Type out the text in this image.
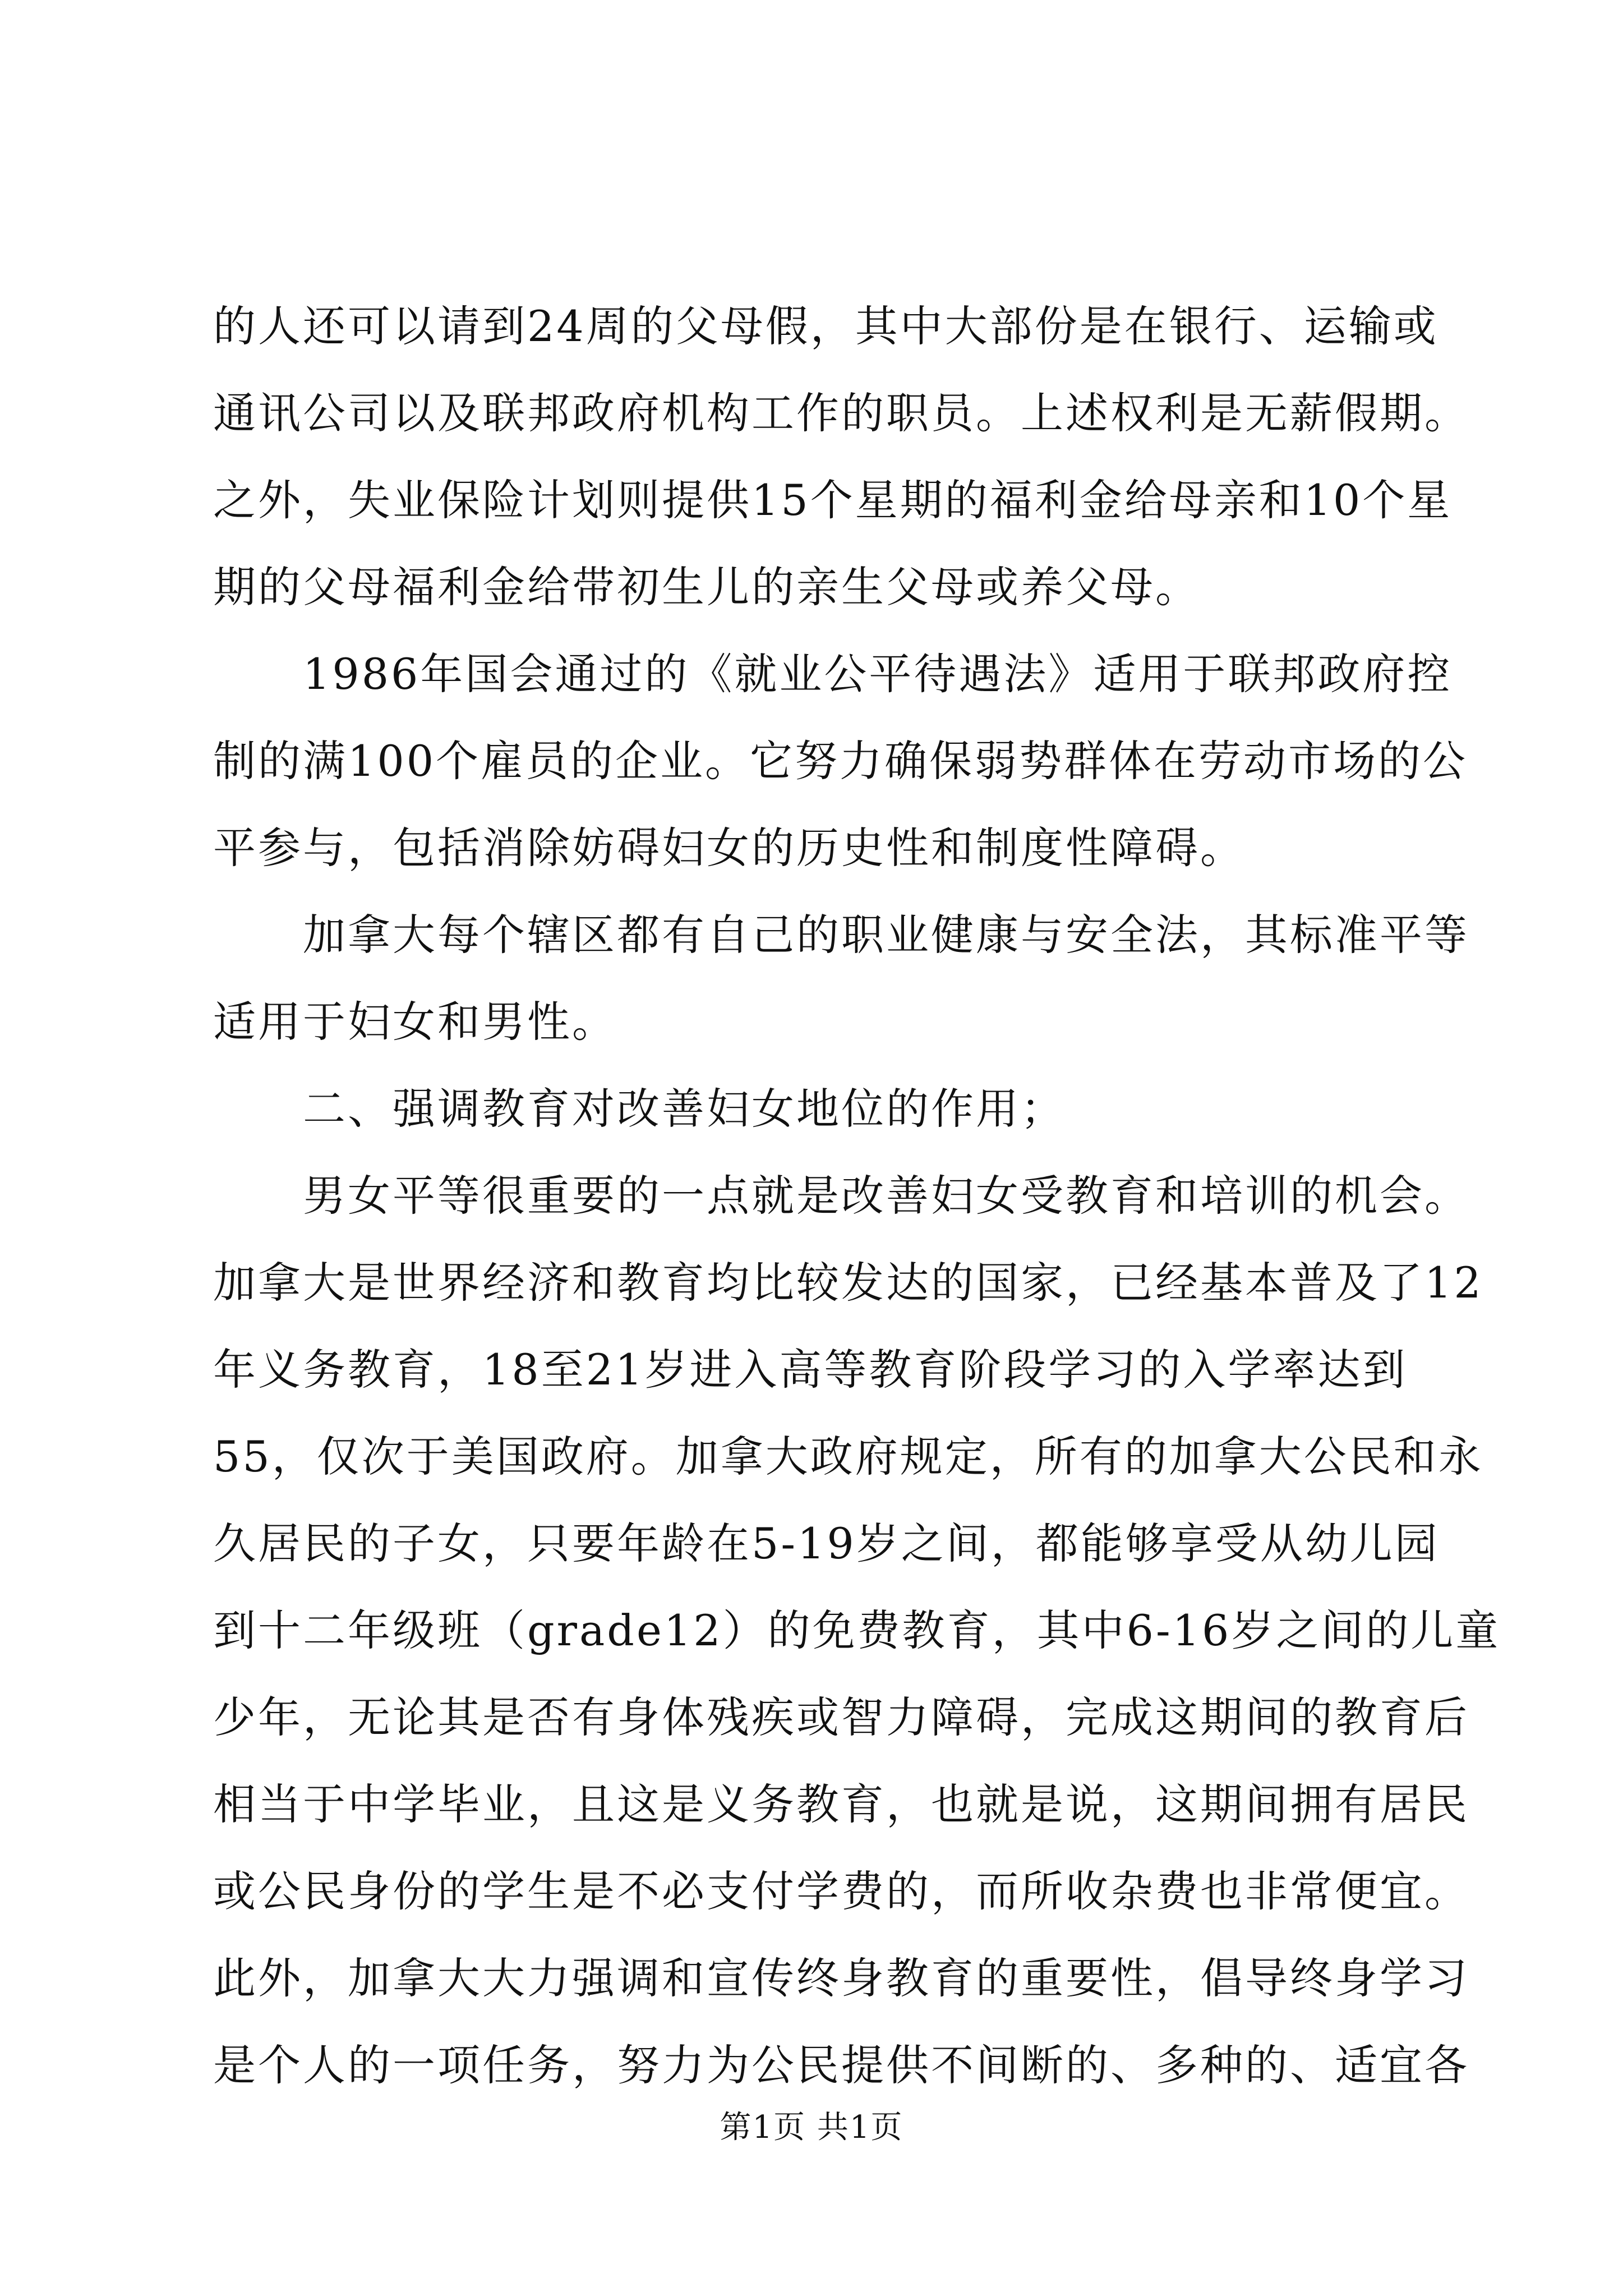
的人还可以请到24周的父母假，其中大部份是在银行、运输或
通讯公司以及联邦政府机构工作的职员。上述权利是无薪假期。
之外，失业保险计划则提供15个星期的福利金给母亲和10个星
期的父母福利金给带初生儿的亲生父母或养父母。
1986年国会通过的《就业公平待遇法》适用于联邦政府控
制的满100个雇员的企业。它努力确保弱势群体在劳动市场的公
平参与，包括消除妨碍妇女的历史性和制度性障碍。
加拿大每个辖区都有自己的职业健康与安全法，其标准平等
适用于妇女和男性。
二、强调教育对改善妇女地位的作用；
男女平等很重要的一点就是改善妇女受教育和培训的机会。
加拿大是世界经济和教育均比较发达的国家，已经基本普及了12
年义务教育，18至21岁进入高等教育阶段学习的入学率达到
55，仅次于美国政府。加拿大政府规定，所有的加拿大公民和永
久居民的子女，只要年龄在5-19岁之间，都能够享受从幼儿园
到十二年级班（grade12）的免费教育，其中6-16岁之间的儿童
少年，无论其是否有身体残疾或智力障碍，完成这期间的教育后
相当于中学毕业，且这是义务教育，也就是说，这期间拥有居民
或公民身份的学生是不必支付学费的，而所收杂费也非常便宜。
此外，加拿大大力强调和宣传终身教育的重要性，倡导终身学习
是个人的一项任务，努力为公民提供不间断的、多种的、适宜各
第1页 共1页
